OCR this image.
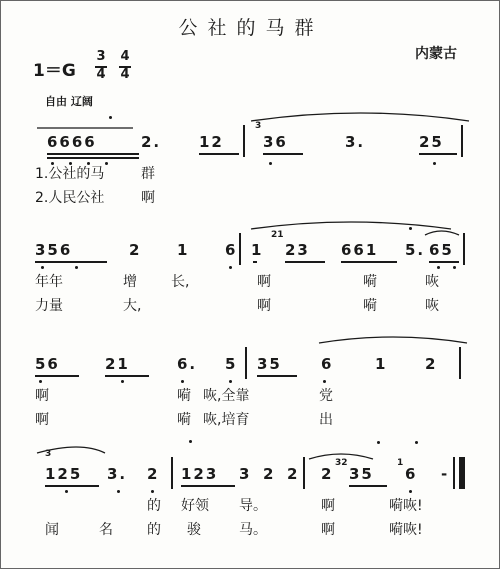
公社的马群
内蒙古
1＝G
3
4
4
4
自由 辽阔
6666	2.	12	36	3.	25
1.公社的马	群
2.人民公社	啊
356	2 1 6 1 23 661 5. 65
年年	增 长,	啊	嗬	咴
力量	大,	啊	嗬	咴
56	21	6. 5 35	6	1	2
啊	嗬 咴,全靠	党
啊	嗬 咴,培育	出
125 3. 2 123 3 2 2 2 35 6 -
的 好领 导。	啊	嗬咴!
闻	名 的 骏	马。	啊	嗬咴!
3
21
3
32	1
